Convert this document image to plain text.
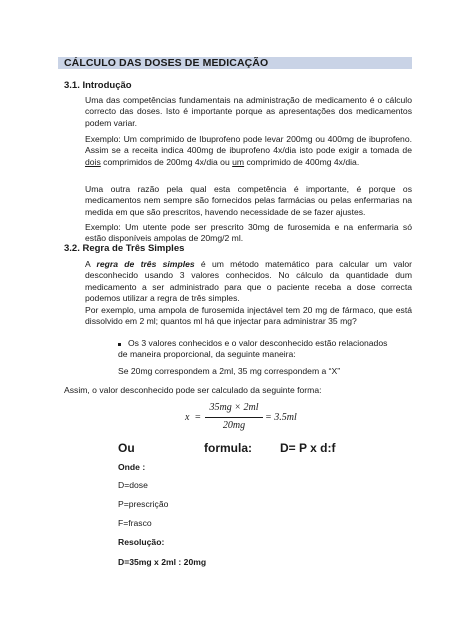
CÁLCULO DAS DOSES DE MEDICAÇÃO
3.1. Introdução
Uma das competências fundamentais na administração de medicamento é o cálculo correcto das doses. Isto é importante porque as apresentações dos medicamentos podem variar.
Exemplo: Um comprimido de Ibuprofeno pode levar 200mg ou 400mg de ibuprofeno. Assim se a receita indica 400mg de ibuprofeno 4x/dia isto pode exigir a tomada de dois comprimidos de 200mg 4x/dia ou um comprimido de 400mg 4x/dia.
Uma outra razão pela qual esta competência é importante, é porque os medicamentos nem sempre são fornecidos pelas farmácias ou pelas enfermarias na medida em que são prescritos, havendo necessidade de se fazer ajustes.
Exemplo: Um utente pode ser prescrito 30mg de furosemida e na enfermaria só estão disponíveis ampolas de 20mg/2 ml.
3.2. Regra de Três Simples
A regra de três simples é um método matemático para calcular um valor desconhecido usando 3 valores conhecidos. No cálculo da quantidade dum medicamento a ser administrado para que o paciente receba a dose correcta podemos utilizar a regra de três simples.
Por exemplo, uma ampola de furosemida injectável tem 20 mg de fármaco, que está dissolvido em 2 ml; quantos ml há que injectar para administrar 35 mg?
Os 3 valores conhecidos e o valor desconhecido estão relacionados
de maneira proporcional, da seguinte maneira:
Se 20mg correspondem a 2ml, 35 mg correspondem a “X”
Assim, o valor desconhecido pode ser calculado da seguinte forma:
x =
35mg × 2ml
20mg
= 3.5ml
Ou	formula: D= P x d:f
Onde :
D=dose
P=prescrição
F=frasco
Resolução:
D=35mg x 2ml : 20mg
